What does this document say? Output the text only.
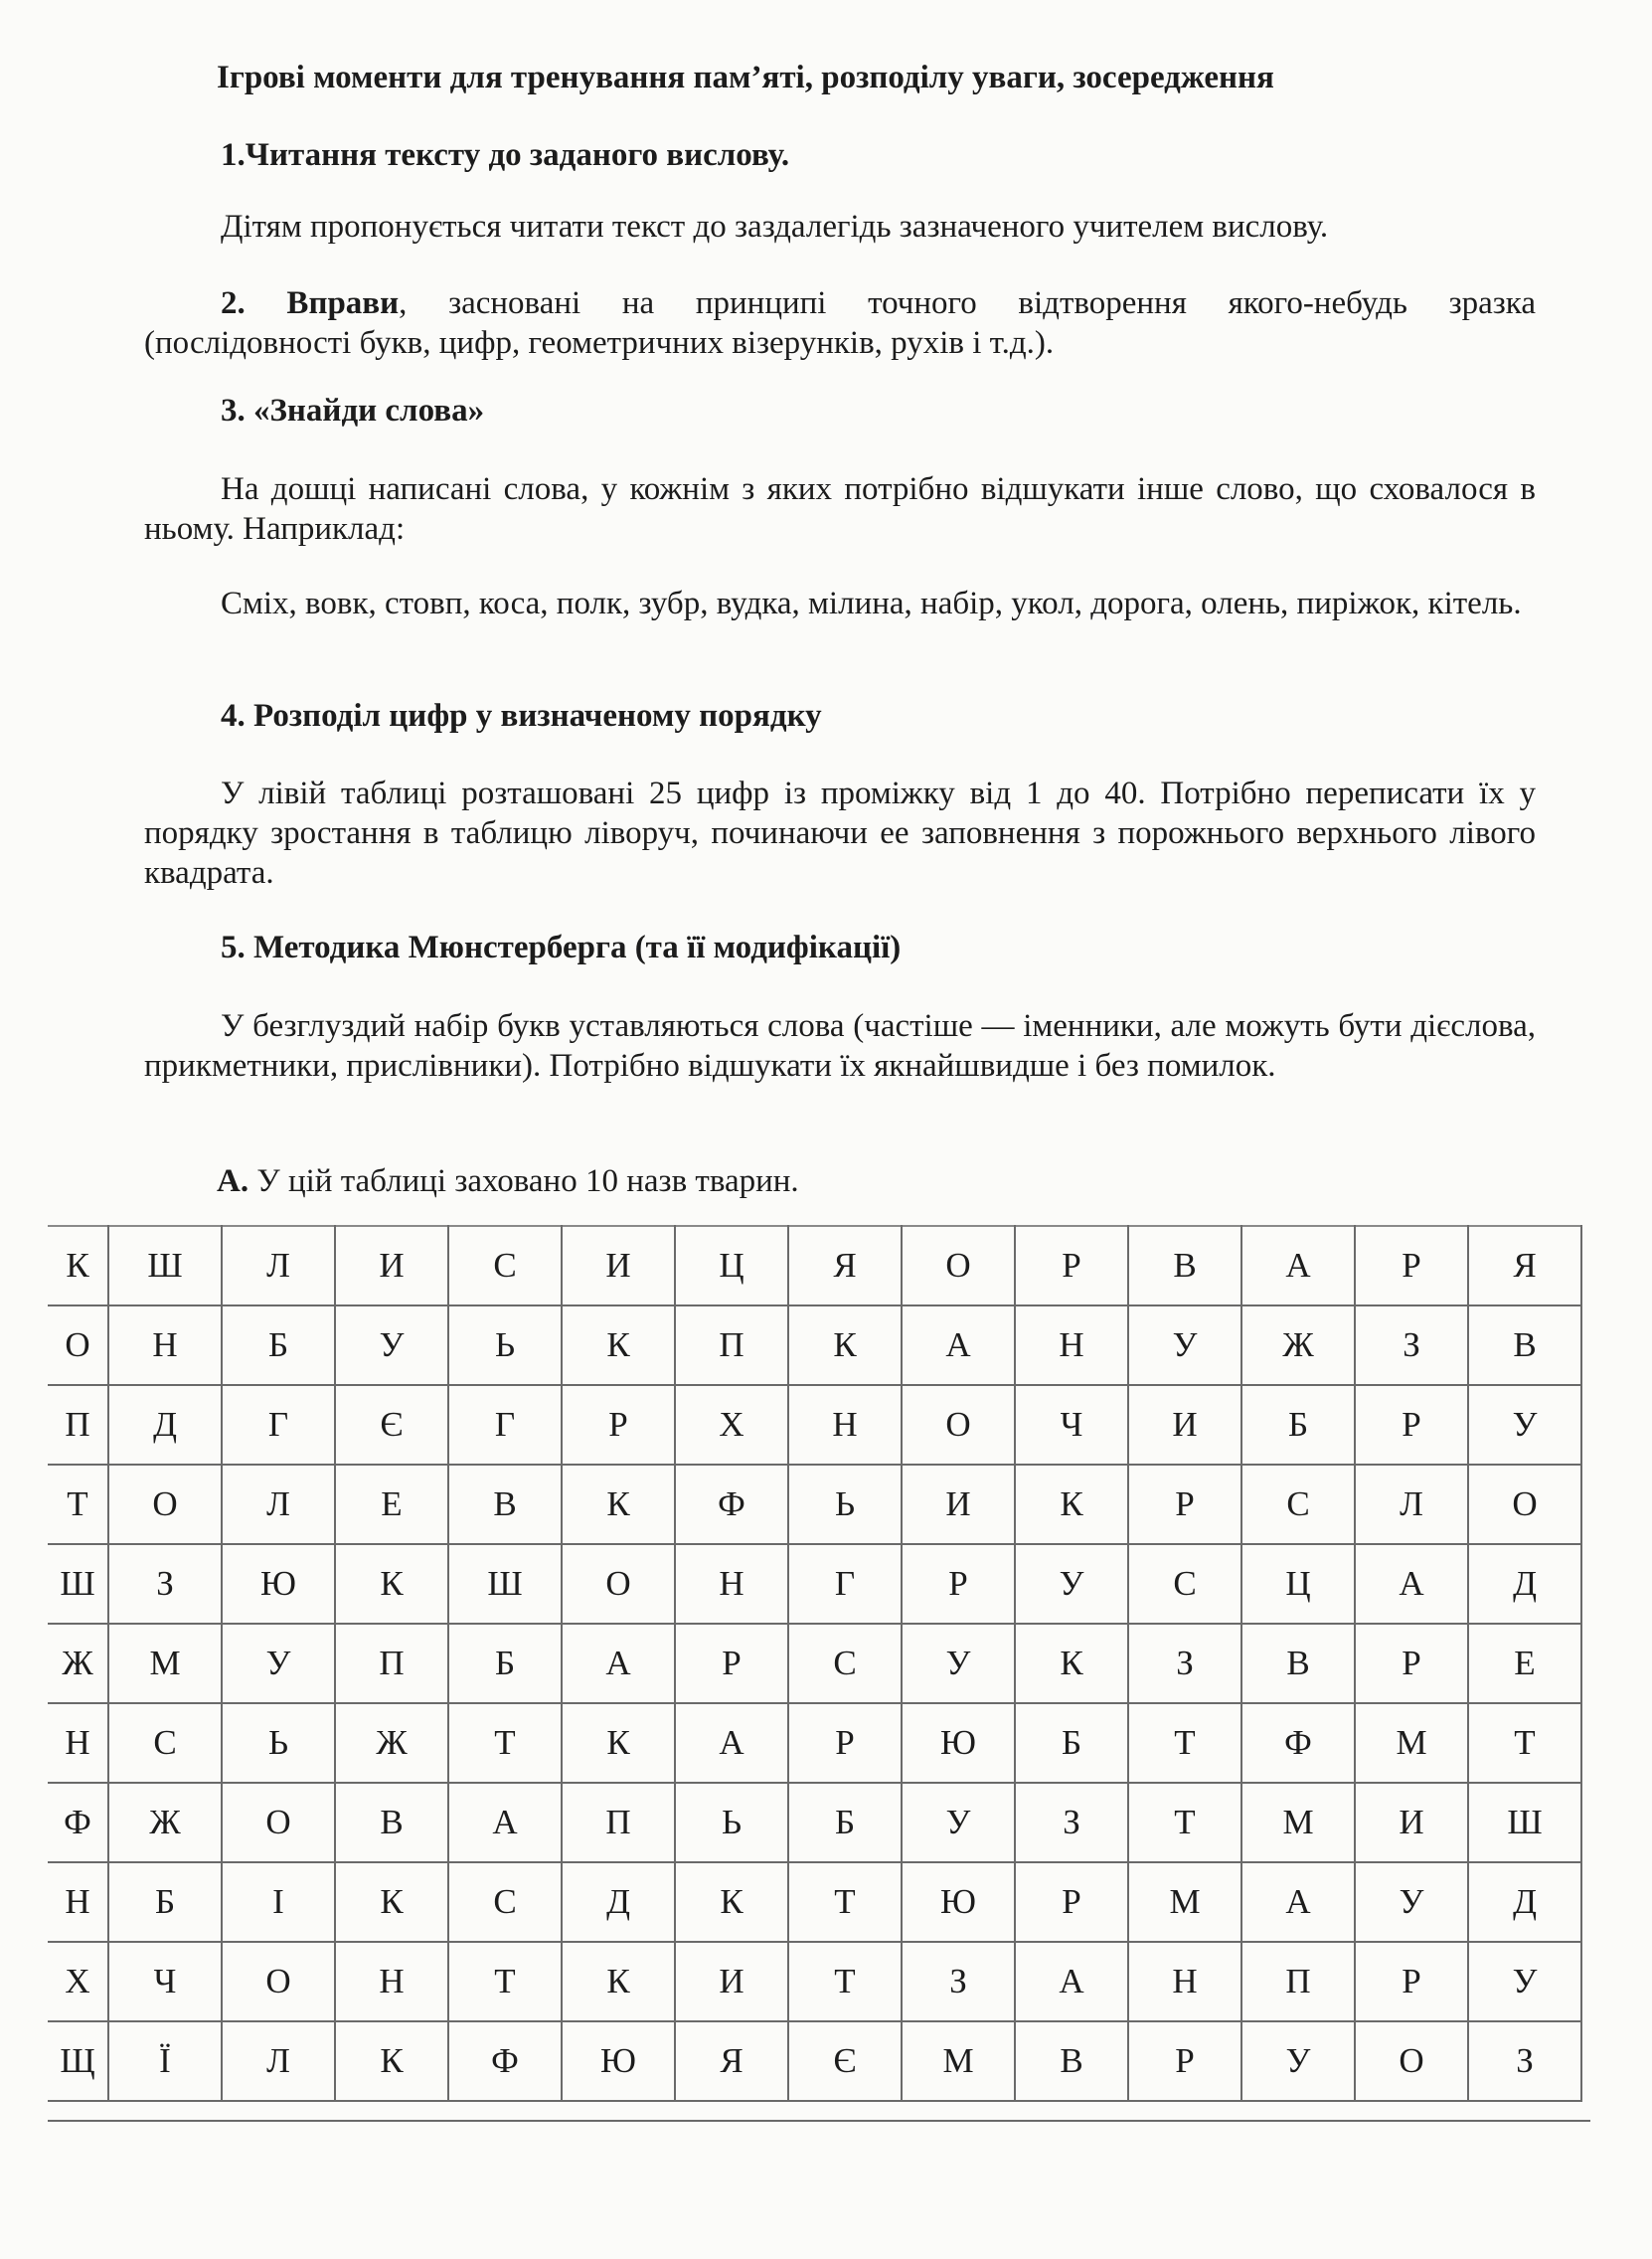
Ігрові моменти для тренування пам’яті, розподілу уваги, зосередження
1.Читання тексту до заданого вислову.
Дітям пропонується читати текст до заздалегідь зазначеного учителем вислову.
2. Вправи, засновані на принципі точного відтворення якого-небудь зразка
(послідовності букв, цифр, геометричних візерунків, рухів і т.д.).
3. «Знайди слова»
На дошці написані слова, у кожнім з яких потрібно відшукати інше слово, що сховалося в ньому. Наприклад:
Сміх, вовк, стовп, коса, полк, зубр, вудка, мілина, набір, укол, дорога, олень, пиріжок, кітель.
4. Розподіл цифр у визначеному порядку
У лівій таблиці розташовані 25 цифр із проміжку від 1 до 40. Потрібно переписати їх у порядку зростання в таблицю ліворуч, починаючи ее заповнення з порожнього верхнього лівого квадрата.
5. Методика Мюнстерберга (та її модифікації)
У безглуздий набір букв уставляються слова (частіше — іменники, але можуть бути дієслова, прикметники, прислівники). Потрібно відшукати їх якнайшвидше і без помилок.
А. У цій таблиці заховано 10 назв тварин.
К	Ш	Л	И	С	И	Ц	Я	О	Р	В	А	Р	Я
О	Н	Б	У	Ь	К	П	К	А	Н	У	Ж	З	В
П	Д	Г	Є	Г	Р	Х	Н	О	Ч	И	Б	Р	У
Т	О	Л	Е	В	К	Ф	Ь	И	К	Р	С	Л	О
Ш	З	Ю	К	Ш	О	Н	Г	Р	У	С	Ц	А	Д
Ж	М	У	П	Б	А	Р	С	У	К	З	В	Р	Е
Н	С	Ь	Ж	Т	К	А	Р	Ю	Б	Т	Ф	М	Т
Ф	Ж	О	В	А	П	Ь	Б	У	З	Т	М	И	Ш
Н	Б	І	К	С	Д	К	Т	Ю	Р	М	А	У	Д
Х	Ч	О	Н	Т	К	И	Т	З	А	Н	П	Р	У
Щ	Ї	Л	К	Ф	Ю	Я	Є	М	В	Р	У	О	З
